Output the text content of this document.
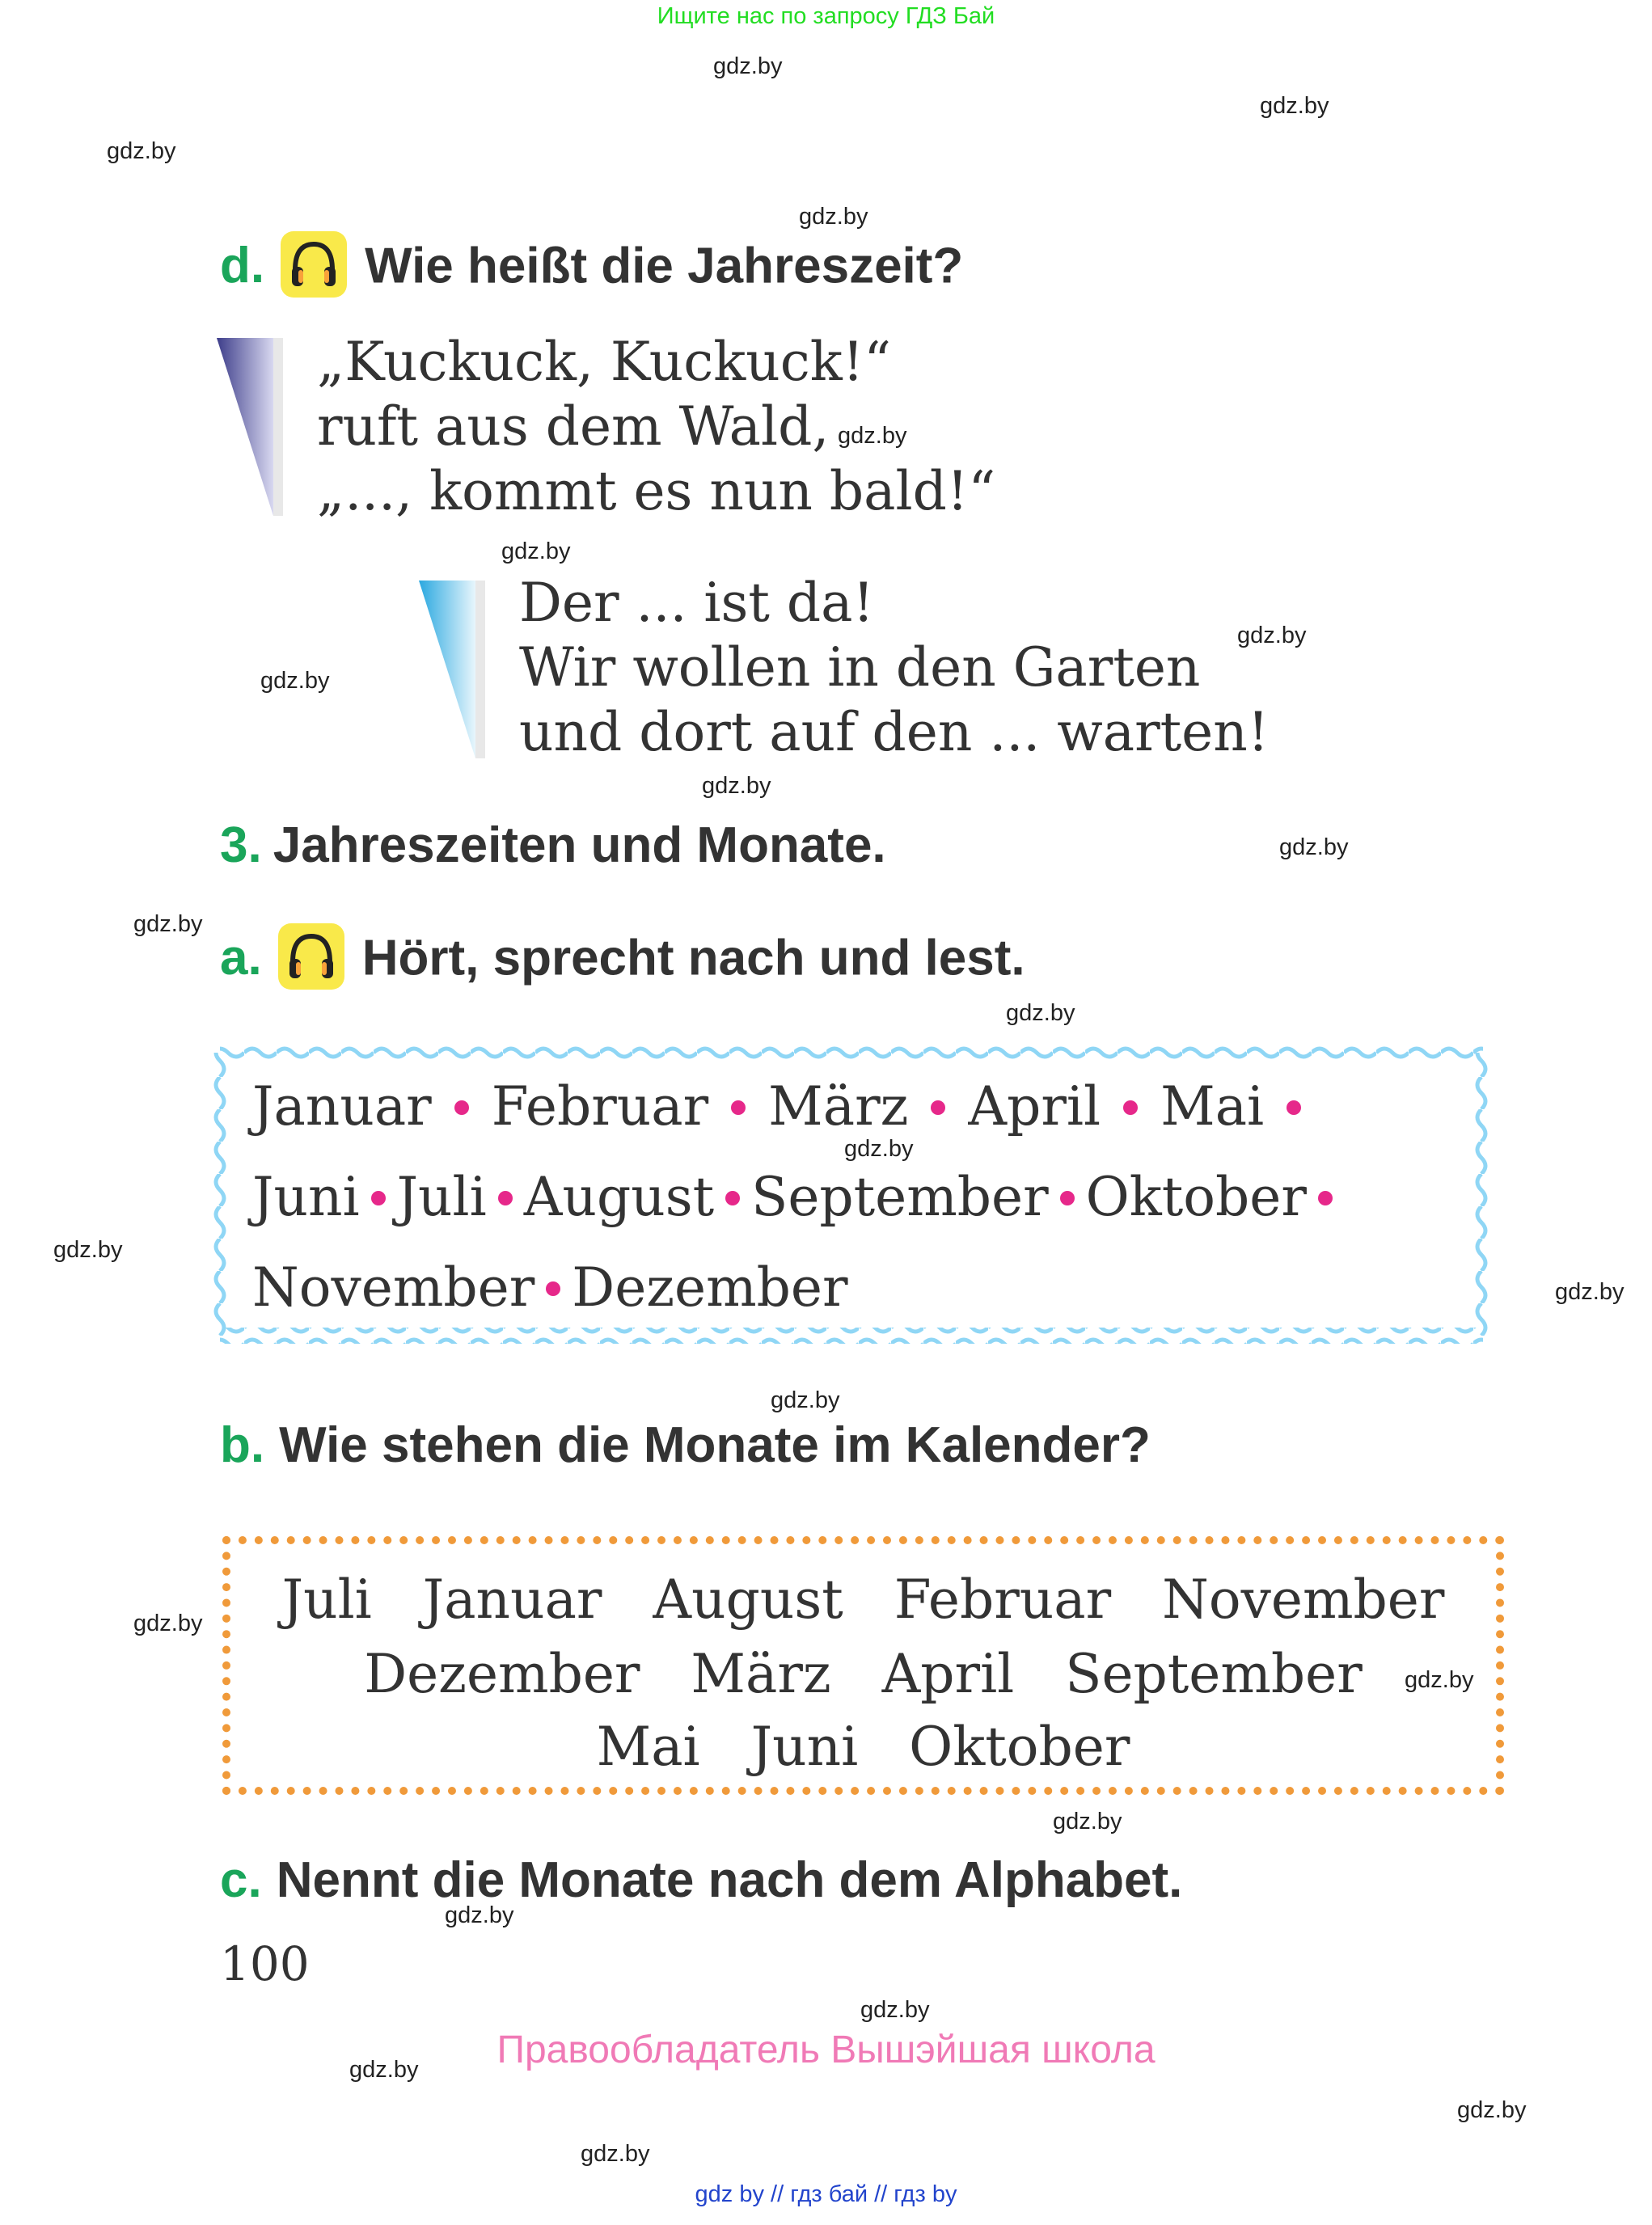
Ищите нас по запросу ГДЗ Бай
gdz.by
gdz.by
gdz.by
gdz.by
gdz.by
gdz.by
gdz.by
gdz.by
gdz.by
gdz.by
gdz.by
gdz.by
gdz.by
gdz.by
gdz.by
gdz.by
gdz.by
gdz.by
gdz.by
gdz.by
gdz.by
gdz.by
gdz.by
gdz.by
d. Wie heißt die Jahreszeit?
„Kuckuck, Kuckuck!“
ruft aus dem Wald,
„..., kommt es nun bald!“
Der ... ist da!
Wir wollen in den Garten
und dort auf den ... warten!
3. Jahreszeiten und Monate.
a. Hört, sprecht nach und lest.
Januar Februar März April Mai
Juni Juli August September Oktober
November Dezember
b. Wie stehen die Monate im Kalender?
Juli Januar August Februar November
Dezember März April September
Mai Juni Oktober
c. Nennt die Monate nach dem Alphabet.
100
Правообладатель Вышэйшая школа
gdz by // гдз бай // гдз by
